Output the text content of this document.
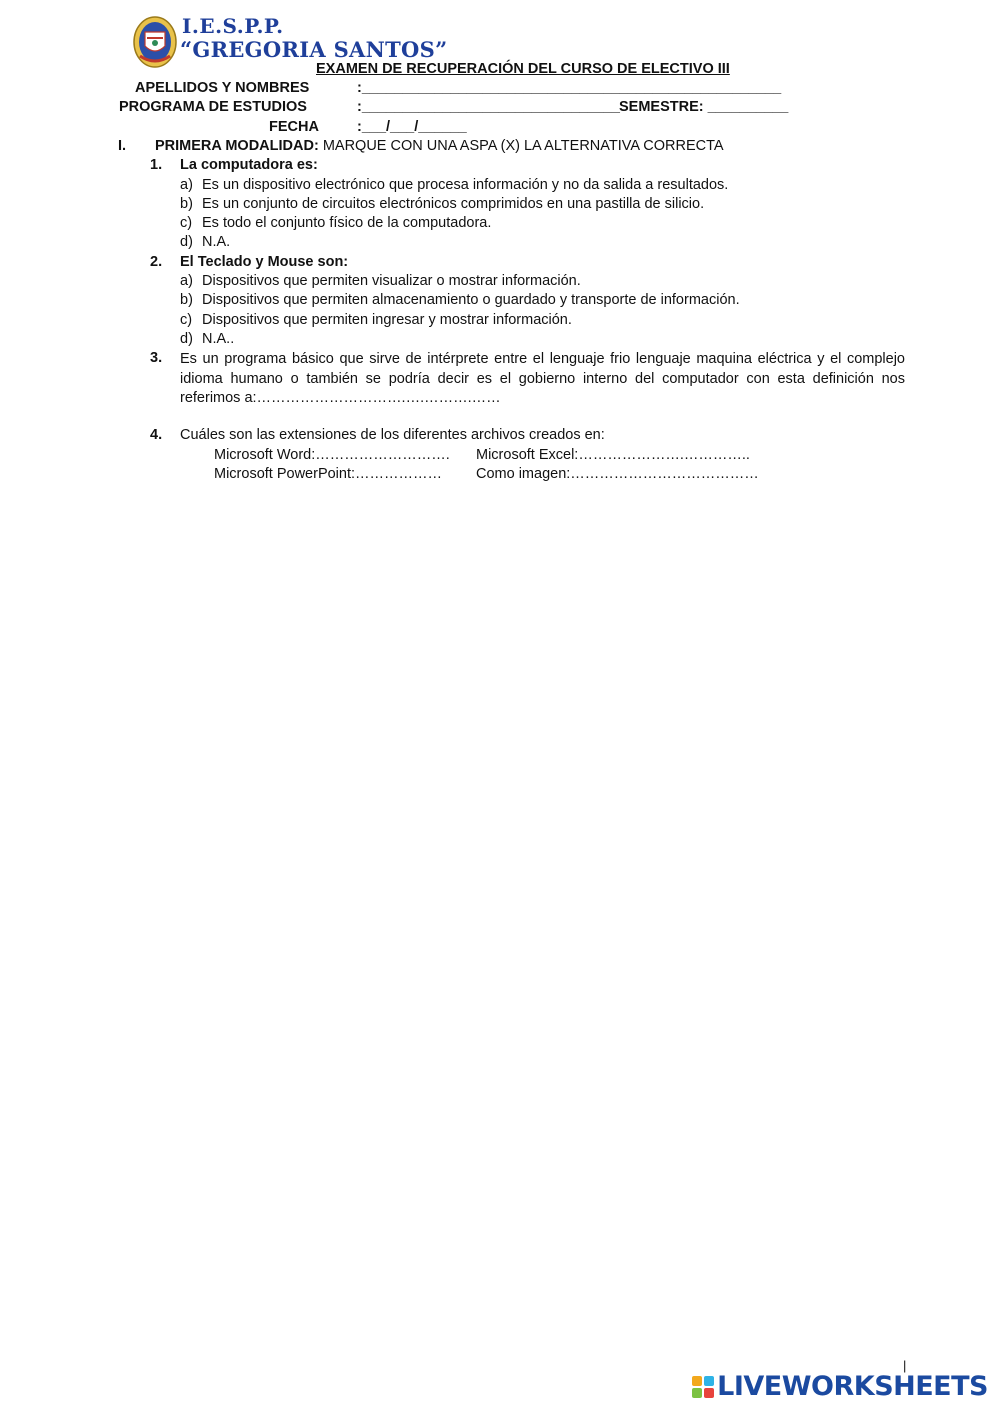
I.E.S.P.P.
“GREGORIA SANTOS”
EXAMEN DE RECUPERACIÓN DEL CURSO DE ELECTIVO III
APELLIDOS Y NOMBRES	:____________________________________________________
PROGRAMA DE ESTUDIOS	:________________________________ SEMESTRE: __________
FECHA	:___/___/______
I. PRIMERA MODALIDAD: MARQUE CON UNA ASPA (X) LA ALTERNATIVA CORRECTA
1. La computadora es:
a) Es un dispositivo electrónico que procesa información y no da salida a resultados.
b) Es un conjunto de circuitos electrónicos comprimidos en una pastilla de silicio.
c) Es todo el conjunto físico de la computadora.
d) N.A.
2. El Teclado y Mouse son:
a) Dispositivos que permiten visualizar o mostrar información.
b) Dispositivos que permiten almacenamiento o guardado y transporte de información.
c) Dispositivos que permiten ingresar y mostrar información.
d) N.A..
3. Es un programa básico que sirve de intérprete entre el lenguaje frio lenguaje maquina eléctrica y el complejo idioma humano o también se podría decir es el gobierno interno del computador con esta definición nos referimos a:………………………….….……….……
4. Cuáles son las extensiones de los diferentes archivos creados en:
Microsoft Word:………………………. Microsoft Excel:………………….…………..
Microsoft PowerPoint:……………… Como imagen:…………………………………
|
LIVEWORKSHEETS
